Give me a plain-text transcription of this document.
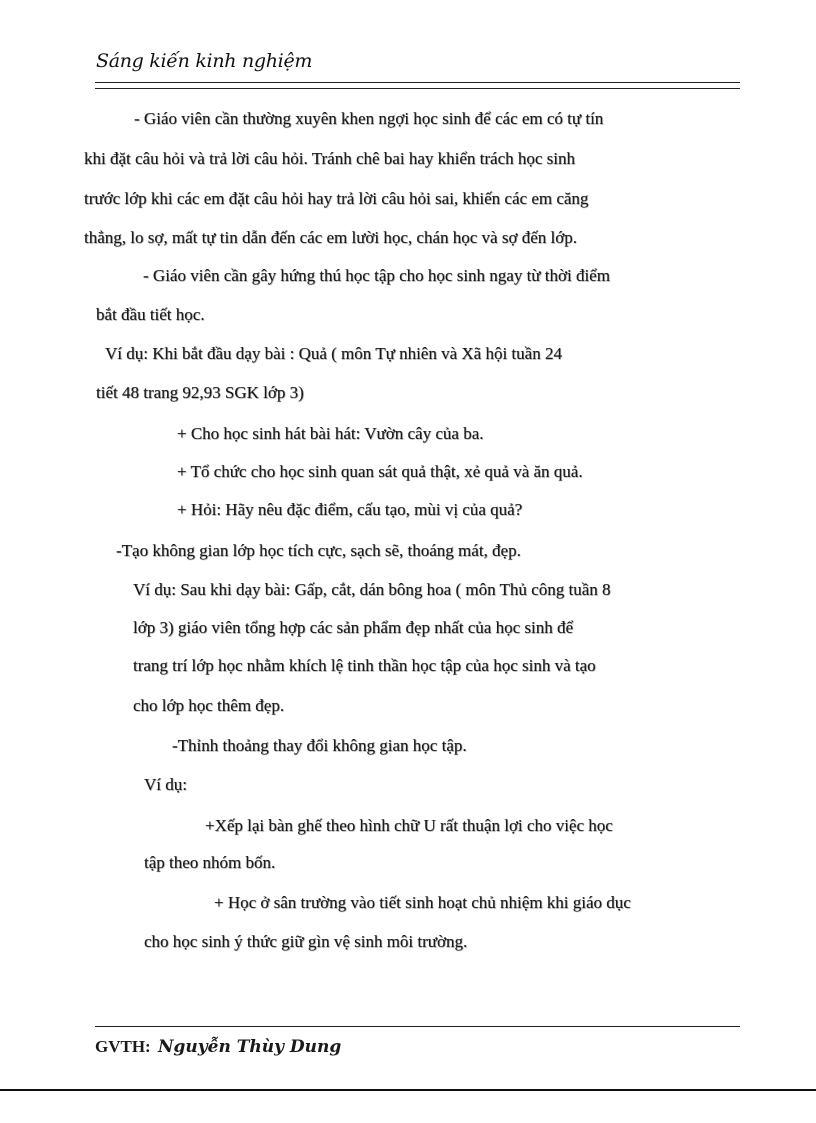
Sáng kiến kinh nghiệm
- Giáo viên cần thường xuyên khen ngợi học sinh để các em có tự tín
khi đặt câu hỏi và trả lời câu hỏi. Tránh chê bai hay khiển trách học sinh
trước lớp khi các em đặt câu hỏi hay trả lời câu hỏi sai, khiến các em căng
thẳng, lo sợ, mất tự tin dẫn đến các em lười học, chán học và sợ đến lớp.
- Giáo viên cần gây hứng thú học tập cho học sinh ngay từ thời điểm
bắt đầu tiết học.
Ví dụ: Khi bắt đầu dạy bài : Quả ( môn Tự nhiên và Xã hội tuần 24
tiết 48 trang 92,93 SGK lớp 3)
+ Cho học sinh hát bài hát: Vườn cây của ba.
+ Tổ chức cho học sinh quan sát quả thật, xẻ quả và ăn quả.
+ Hỏi: Hãy nêu đặc điểm, cấu tạo, mùi vị của quả?
-Tạo không gian lớp học tích cực, sạch sẽ, thoáng mát, đẹp.
Ví dụ: Sau khi dạy bài: Gấp, cắt, dán bông hoa ( môn Thủ công tuần 8
lớp 3) giáo viên tổng hợp các sản phẩm đẹp nhất của học sinh để
trang trí lớp học nhằm khích lệ tinh thần học tập của học sinh và tạo
cho lớp học thêm đẹp.
-Thỉnh thoảng thay đổi không gian học tập.
Ví dụ:
+Xếp lại bàn ghế theo hình chữ U rất thuận lợi cho việc học
tập theo nhóm bốn.
+ Học ở sân trường vào tiết sinh hoạt chủ nhiệm khi giáo dục
cho học sinh ý thức giữ gìn vệ sinh môi trường.
GVTH: Nguyễn Thùy Dung
